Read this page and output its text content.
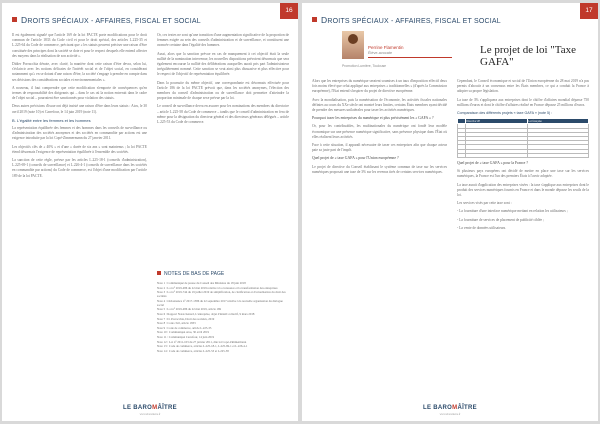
16
DROITS SPÉCIAUX - AFFAIRES, FISCAL ET SOCIAL

Il est également signalé que l'article 169 de la loi PACTE porte modifications pour le droit commun de l'article 1833 du Code civil et pour le droit spécial, des articles L.225-35 et L.225-64 du Code de commerce, précisant que « les statuts peuvent préciser une raison d'être constituée des principes dont la société se dote et pour le respect desquels elle entend affecter des moyens dans la réalisation de son activité ».

Didier Porracchia dénote, avec clarté, la manière dont cette raison d'être devra, selon lui, s'éclaircir avec les notions délicates de l'intérêt social et de l'objet social, en considérant notamment qu'« en se dotant d'une raison d'être, la société s'engage à prendre en compte dans ses décisions des considérations sociales et environnementales ».

A nouveau, il faut comprendre que cette modification n'emporte de conséquences qu'en termes de responsabilité des dirigeants qui – dans le cas où la notion entrerait dans le cadre de l'objet social – pourraient être sanctionnés pour violation des statuts.

Deux autres précisions d'issue ont déjà insisté une raison d'être dans leurs statuts : Atos, le 30 avril 2019 (note 10) et Carrefour, le 14 juin 2019 (note 11).

B. L'égalité entre les femmes et les hommes

La représentation équilibrée des femmes et des hommes dans les conseils de surveillance ou d'administration des sociétés anonymes et des sociétés en commandite par actions est une exigence introduite par la loi Copé-Zimmermann du 27 janvier 2011.

Les objectifs clés de « 40% » et d'une « durée de six ans » sont maintenus ; la loi PACTE étend désormais l'exigence de représentation équilibrée à l'ensemble des sociétés.

La sanction de cette règle, prévue par les articles L.225-18-1 (conseils d'administration), L.225-69-1 (conseils de surveillance) et L.226-4-1 (conseils de surveillance dans les sociétés en commandite par actions) du Code de commerce, est l'objet d'une modification par l'article 189 de la loi PACTE.

Or, ces textes ne sont qu'une transition d'une augmentation significative de la proportion de femmes exigée au sein des conseils d'administration et de surveillance, et constituent une avancée certaine dans l'égalité des hommes.

Aussi, alors que la sanction prévue en cas de manquement à cet objectif était la seule nullité de la nomination intervenue, les nouvelles dispositions prévoient désormais que sera également encourue la nullité des délibérations auxquelles aurait pris part l'administrateur irrégulièrement nommé. Cette sanction se veut ainsi plus dissuasive et plus effective pour le respect de l'objectif de représentation équilibrée.

Dans la poursuite du même objectif, une correspondante est désormais effectuée pour l'article 186 de la loi PACTE prévoit que, dans les sociétés anonymes, l'élection des membres du conseil d'administration ou de surveillance doit permettre d'atteindre la proportion minimale de chaque sexe prévue par la loi.

Le conseil de surveillance devra en assurer pour les nominations des membres du directoire – article L.225-58 du Code de commerce – tandis que le conseil d'administration en fera de même pour la désignation du directeur général et des directeurs généraux délégués – article L.225-53 du Code de commerce.

NOTES DE BAS DE PAGE
Note 1 : Communiqué de presse du Conseil des Ministres du 18 juin 2018
Note 2 : Loi n° 2019-486 du 22 mai 2019 relative à la croissance et la transformation des entreprises
Note 3 : Loi n° 2019-744 du 19 juillet 2019 de simplification, de clarification et d'actualisation du droit des sociétés
Note 4 : Ordonnance n° 2017-1386 du 22 septembre 2017 relative à la nouvelle organisation du dialogue social
Note 5 : Loi n° 2019-486 du 22 mai 2019, article 169
Note 6 : Rapport Notat-Senard, L'entreprise, objet d'intérêt collectif, 9 mars 2018
Note 7 : D. Porracchia, Droit des sociétés, 2019
Note 8 : Code civil, article 1833
Note 9 : Code de commerce, article L.225-35
Note 10 : Communiqué Atos, 30 avril 2019
Note 11 : Communiqué Carrefour, 14 juin 2019
Note 12 : Loi n° 2011-103 du 27 janvier 2011, dite loi Copé-Zimmermann
Note 13 : Code de commerce, articles L.225-18-1, L.225-69-1 et L.226-4-1
Note 14 : Code de commerce, articles L.225-53 et L.225-58
LE BAROMÂÎTRE
www.lebarometre.fr
17
DROITS SPÉCIAUX - AFFAIRES, FISCAL ET SOCIAL
Perrine Flamentin
Élève-avocate
Promotion Lumière, Toulouse
Le projet de loi "Taxe GAFA"

Alors que les entreprises du numérique seraient soumises à un taux d'imposition effectif deux fois moins élevé que celui appliqué aux entreprises « traditionnelles » (d'après la Commission européenne), l'Etat entend s'inspirer du projet de directive européenne.

Avec la mondialisation, puis la numérisation de l'économie, les activités fiscales nationales définies au cours du XXe siècle ont montré leurs limites, certains États membres ayant décidé de prendre des mesures unilatérales pour taxer les activités numériques.

Pourquoi taxer les entreprises du numérique et plus précisément les « GAFA » ?

Or, pour les contribuables, les multinationales du numérique ont fondé leur modèle économique sur une présence numérique significative, sans présence physique dans l'État où elles réalisent leurs activités.

Face à cette situation, il apparaît nécessaire de taxer ces entreprises afin que chaque acteur paie sa juste part de l'impôt.

Quel projet de « taxe GAFA » pour l'Union européenne ?

Le projet de directive du Conseil établissant le système commun de taxe sur les services numériques proposait une taxe de 3% sur les revenus tirés de certains services numériques.

Cependant, le Conseil économique et social de l'Union européenne du 28 mai 2019 n'a pas permis d'aboutir à un consensus entre les États membres, ce qui a conduit la France à adopter sa propre législation.

La taxe de 3% s'appliquera aux entreprises dont le chiffre d'affaires mondial dépasse 750 millions d'euros et dont le chiffre d'affaires réalisé en France dépasse 25 millions d'euros.

Comparaison des différents projets « taxe GAFA » (note 5) :
	Directive UE	Loi française

Quel projet de « taxe GAFA » pour la France ?

Si plusieurs pays européens ont décidé de mettre en place une taxe sur les services numériques, la France est l'un des premiers États à l'avoir adoptée.

La taxe aurait d'application des entreprises visées : la taxe s'applique aux entreprises dont le produit des services numériques fournis en France et dans le monde dépasse les seuils de la loi.

Les services visés par cette taxe sont :

- La fourniture d'une interface numérique mettant en relation les utilisateurs ;

- La fourniture de services de placement de publicité ciblée ;

- La vente de données utilisateurs.

LE BAROMÂÎTRE
www.lebarometre.fr
